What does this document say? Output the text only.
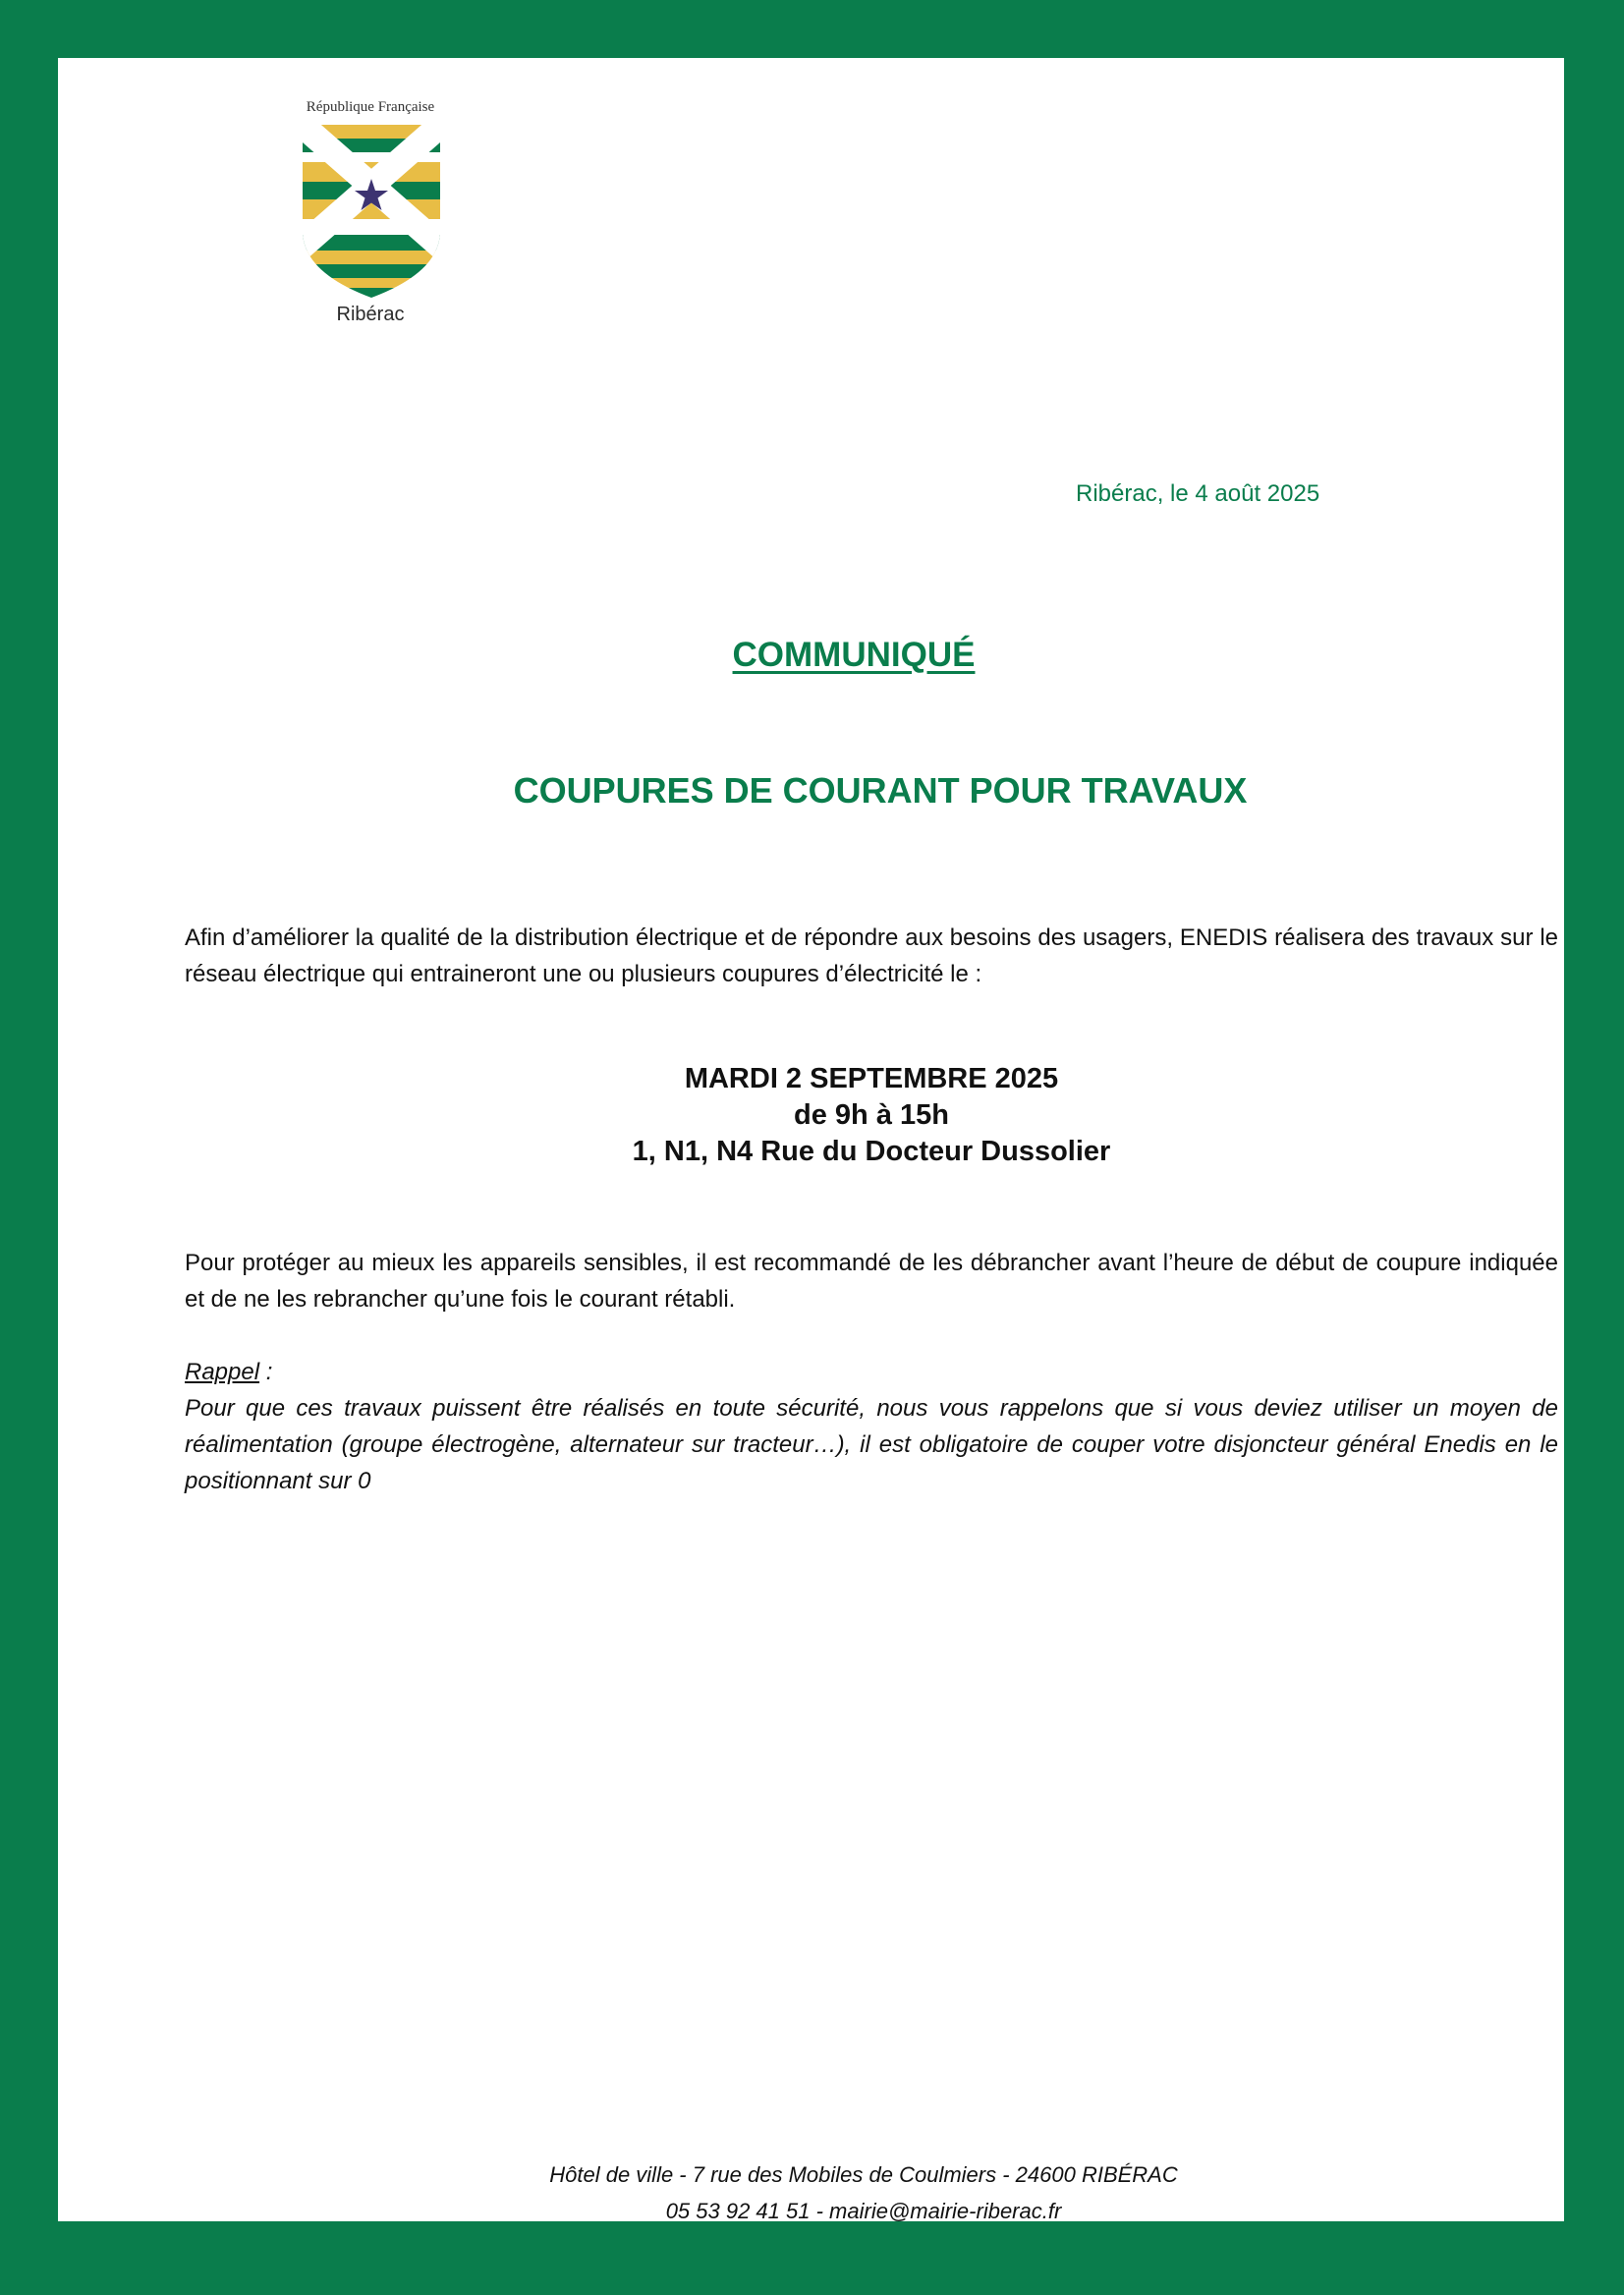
République Française
Ribérac
Ribérac, le 4 août 2025
COMMUNIQUÉ
COUPURES DE COURANT POUR TRAVAUX
Afin d’améliorer la qualité de la distribution électrique et de répondre aux besoins des usagers, ENEDIS réalisera des travaux sur le réseau électrique qui entraineront une ou plusieurs coupures d’électricité le :
MARDI 2 SEPTEMBRE 2025
de 9h à 15h
1, N1, N4 Rue du Docteur Dussolier
Pour protéger au mieux les appareils sensibles, il est recommandé de les débrancher avant l’heure de début de coupure indiquée et de ne les rebrancher qu’une fois le courant rétabli.
Rappel :
Pour que ces travaux puissent être réalisés en toute sécurité, nous vous rappelons que si vous deviez utiliser un moyen de réalimentation (groupe électrogène, alternateur sur tracteur…), il est obligatoire de couper votre disjoncteur général Enedis en le positionnant sur 0
Hôtel de ville - 7 rue des Mobiles de Coulmiers - 24600 RIBÉRAC
05 53 92 41 51 - mairie@mairie-riberac.fr
